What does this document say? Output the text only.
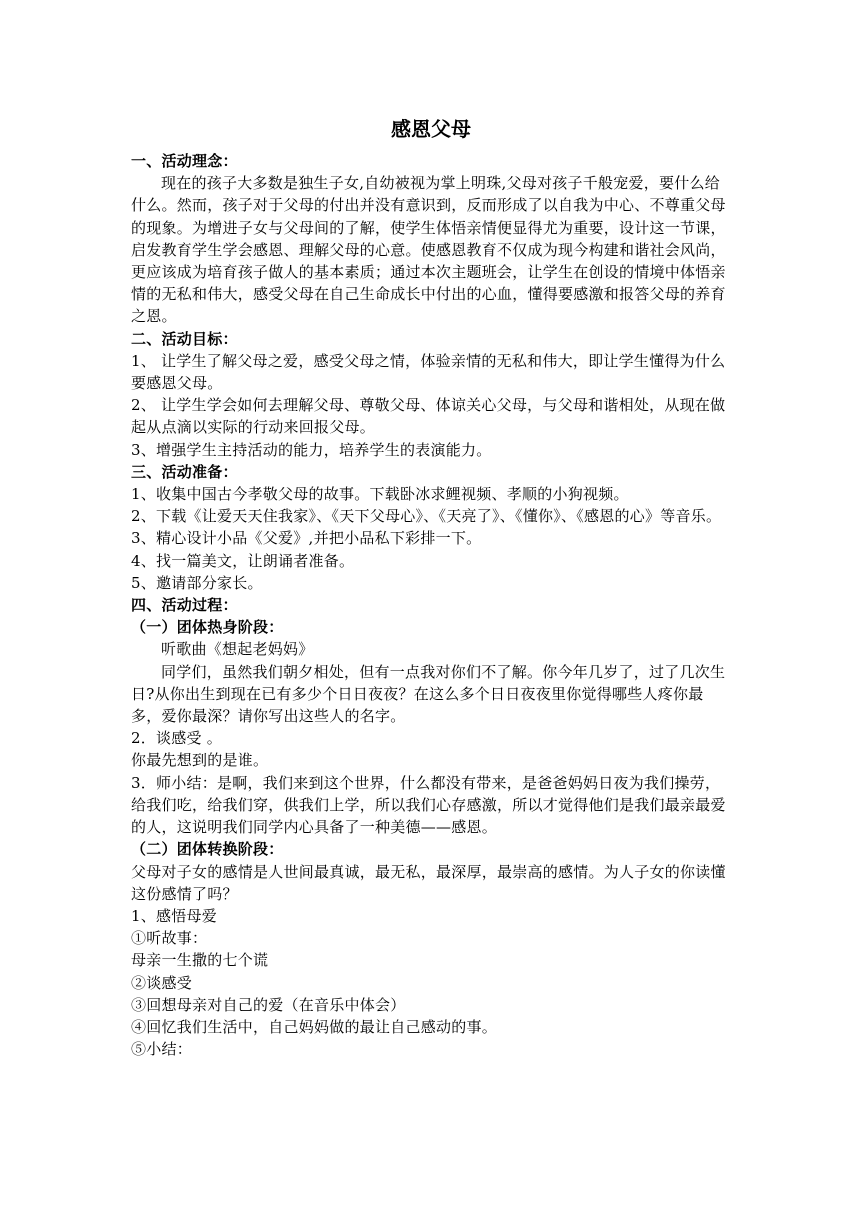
感恩父母

一、活动理念：

现在的孩子大多数是独生子女,自幼被视为掌上明珠,父母对孩子千般宠爱，要什么给什么。然而，孩子对于父母的付出并没有意识到，反而形成了以自我为中心、不尊重父母的现象。为增进子女与父母间的了解，使学生体悟亲情便显得尤为重要，设计这一节课，启发教育学生学会感恩、理解父母的心意。使感恩教育不仅成为现今构建和谐社会风尚，更应该成为培育孩子做人的基本素质；通过本次主题班会，让学生在创设的情境中体悟亲情的无私和伟大，感受父母在自己生命成长中付出的心血，懂得要感激和报答父母的养育之恩。

二、活动目标：

1、 让学生了解父母之爱，感受父母之情，体验亲情的无私和伟大，即让学生懂得为什么要感恩父母。

2、 让学生学会如何去理解父母、尊敬父母、体谅关心父母，与父母和谐相处，从现在做起从点滴以实际的行动来回报父母。

3、增强学生主持活动的能力，培养学生的表演能力。

三、活动准备：

1、收集中国古今孝敬父母的故事。下载卧冰求鲤视频、孝顺的小狗视频。

2、下载《让爱天天住我家》、《天下父母心》、《天亮了》、《懂你》、《感恩的心》等音乐。

3、精心设计小品《父爱》,并把小品私下彩排一下。

4、找一篇美文，让朗诵者准备。

5、邀请部分家长。

四、活动过程：

（一）团体热身阶段：

听歌曲《想起老妈妈》

同学们，虽然我们朝夕相处，但有一点我对你们不了解。你今年几岁了，过了几次生日?从你出生到现在已有多少个日日夜夜？在这么多个日日夜夜里你觉得哪些人疼你最多，爱你最深？请你写出这些人的名字。

2．谈感受 。

你最先想到的是谁。

3．师小结：是啊，我们来到这个世界，什么都没有带来，是爸爸妈妈日夜为我们操劳，给我们吃，给我们穿，供我们上学，所以我们心存感激，所以才觉得他们是我们最亲最爱的人，这说明我们同学内心具备了一种美德——感恩。

（二）团体转换阶段：

父母对子女的感情是人世间最真诚，最无私，最深厚，最崇高的感情。为人子女的你读懂这份感情了吗？

1、感悟母爱

①听故事：

母亲一生撒的七个谎

②谈感受

③回想母亲对自己的爱（在音乐中体会）

④回忆我们生活中，自己妈妈做的最让自己感动的事。

⑤小结：
